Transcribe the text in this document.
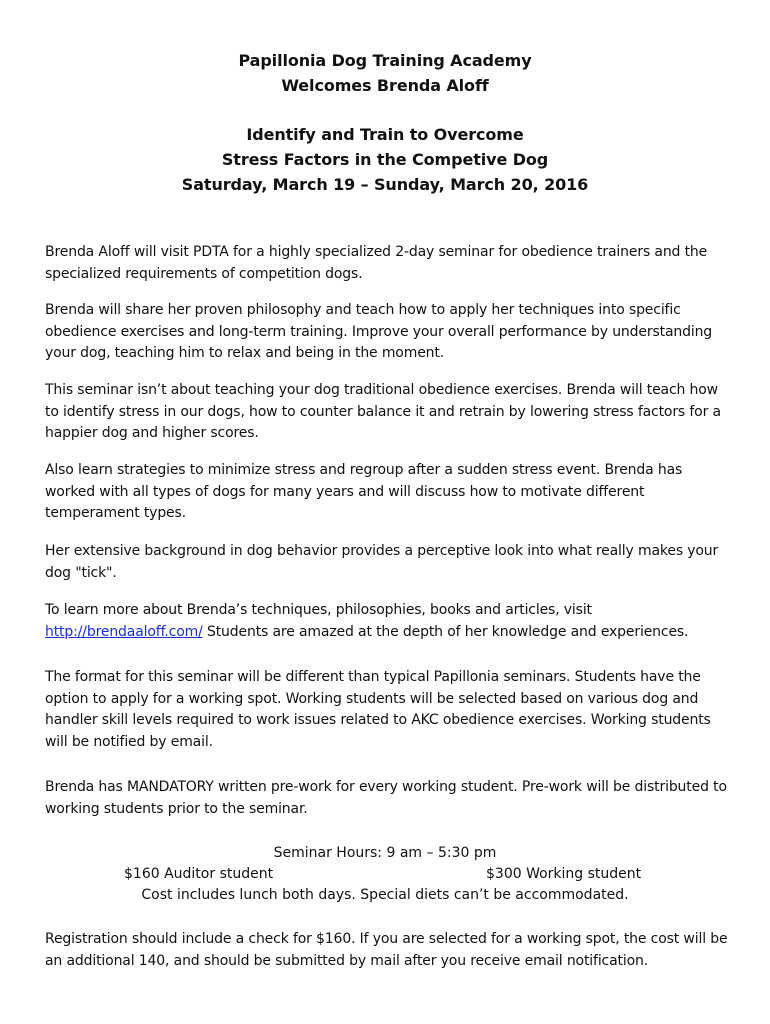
Papillonia Dog Training Academy
Welcomes Brenda Aloff
Identify and Train to Overcome
Stress Factors in the Competive Dog
Saturday, March 19 – Sunday, March 20, 2016
Brenda Aloff will visit PDTA for a highly specialized 2-day seminar for obedience trainers and the specialized requirements of competition dogs.
Brenda will share her proven philosophy and teach how to apply her techniques into specific obedience exercises and long-term training. Improve your overall performance by understanding your dog, teaching him to relax and being in the moment.
This seminar isn’t about teaching your dog traditional obedience exercises. Brenda will teach how to identify stress in our dogs, how to counter balance it and retrain by lowering stress factors for a happier dog and higher scores.
Also learn strategies to minimize stress and regroup after a sudden stress event. Brenda has worked with all types of dogs for many years and will discuss how to motivate different temperament types.
Her extensive background in dog behavior provides a perceptive look into what really makes your dog "tick".
To learn more about Brenda’s techniques, philosophies, books and articles, visit
http://brendaaloff.com/ Students are amazed at the depth of her knowledge and experiences.
The format for this seminar will be different than typical Papillonia seminars. Students have the option to apply for a working spot. Working students will be selected based on various dog and handler skill levels required to work issues related to AKC obedience exercises. Working students will be notified by email.
Brenda has MANDATORY written pre-work for every working student. Pre-work will be distributed to working students prior to the seminar.
Seminar Hours: 9 am – 5:30 pm
$160 Auditor student	$300 Working student
Cost includes lunch both days. Special diets can’t be accommodated.
Registration should include a check for $160. If you are selected for a working spot, the cost will be an additional 140, and should be submitted by mail after you receive email notification.
